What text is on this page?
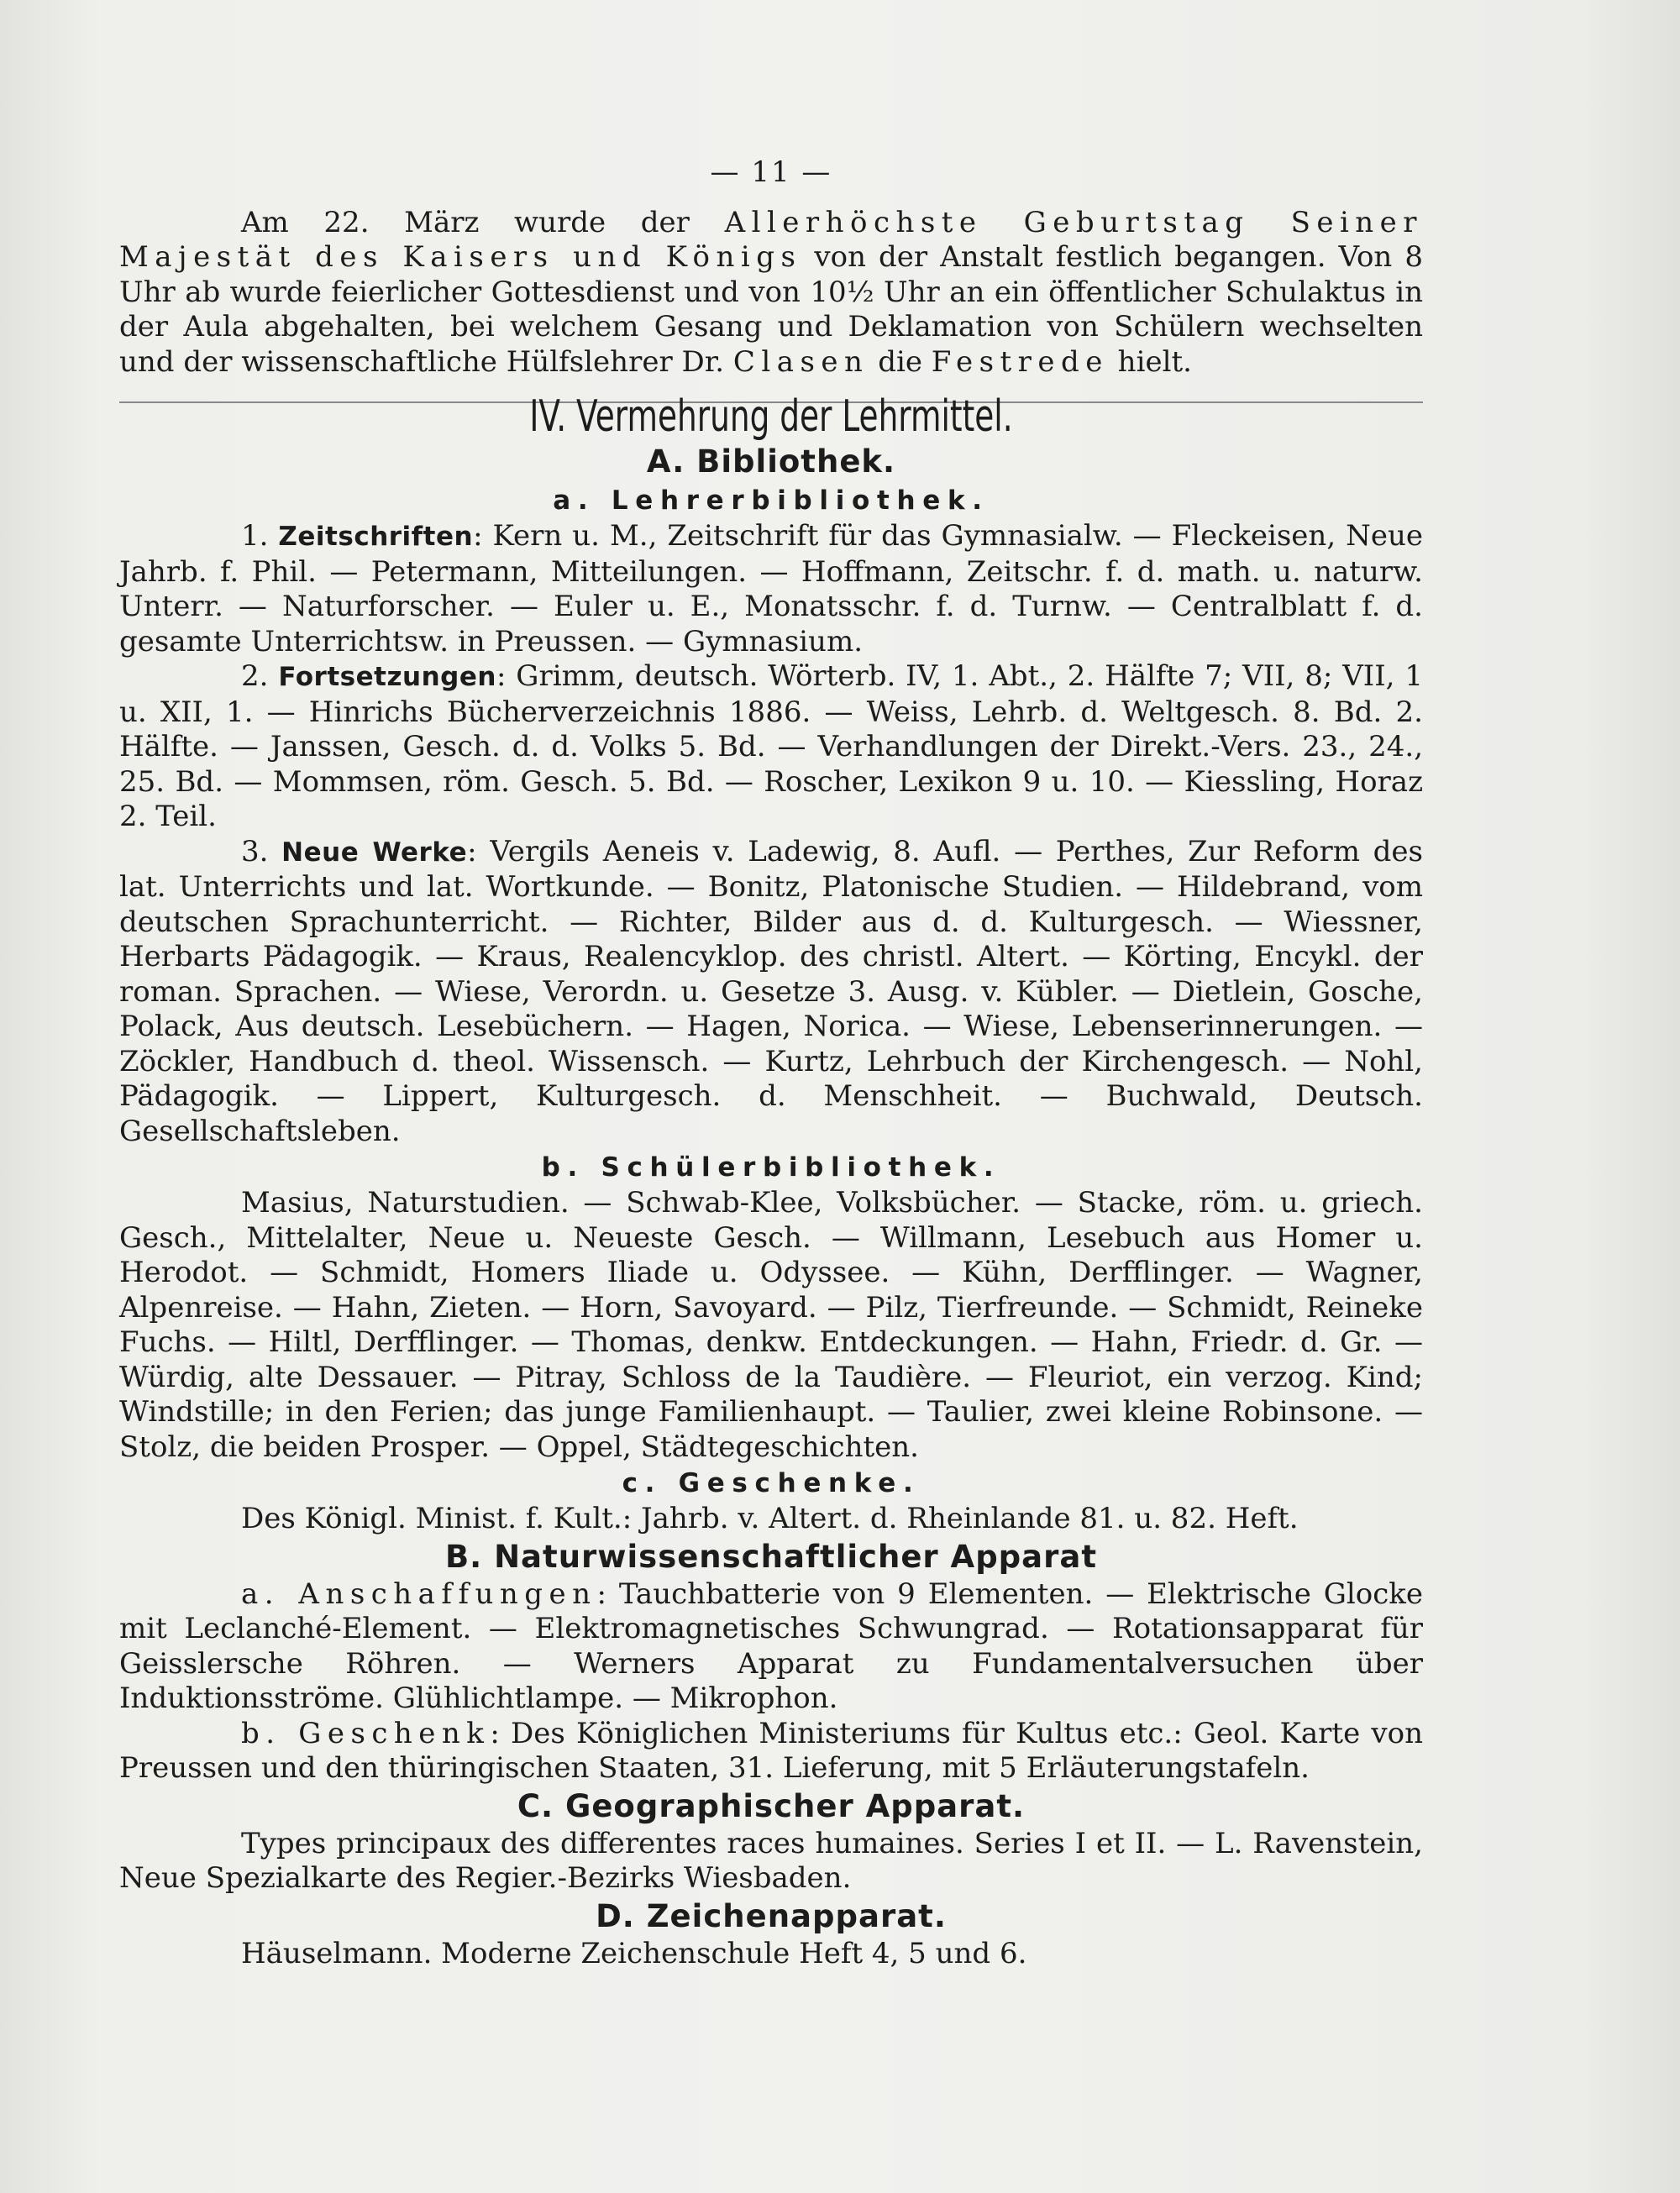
— 11 —

Am 22. März wurde der Allerhöchste Geburtstag Seiner Majestät des Kaisers und Königs von der Anstalt festlich begangen. Von 8 Uhr ab wurde feierlicher Gottesdienst und von 10½ Uhr an ein öffentlicher Schulaktus in der Aula abgehalten, bei welchem Gesang und Deklamation von Schülern wechselten und der wissenschaftliche Hülfslehrer Dr. Clasen die Festrede hielt.

IV. Vermehrung der Lehrmittel.

A. Bibliothek.

a. Lehrerbibliothek.

1. Zeitschriften: Kern u. M., Zeitschrift für das Gymnasialw. — Fleckeisen, Neue Jahrb. f. Phil. — Petermann, Mitteilungen. — Hoffmann, Zeitschr. f. d. math. u. naturw. Unterr. — Naturforscher. — Euler u. E., Monatsschr. f. d. Turnw. — Centralblatt f. d. gesamte Unterrichtsw. in Preussen. — Gymnasium.

2. Fortsetzungen: Grimm, deutsch. Wörterb. IV, 1. Abt., 2. Hälfte 7; VII, 8; VII, 1 u. XII, 1. — Hinrichs Bücherverzeichnis 1886. — Weiss, Lehrb. d. Weltgesch. 8. Bd. 2. Hälfte. — Janssen, Gesch. d. d. Volks 5. Bd. — Verhandlungen der Direkt.-Vers. 23., 24., 25. Bd. — Mommsen, röm. Gesch. 5. Bd. — Roscher, Lexikon 9 u. 10. — Kiessling, Horaz 2. Teil.

3. Neue Werke: Vergils Aeneis v. Ladewig, 8. Aufl. — Perthes, Zur Reform des lat. Unterrichts und lat. Wortkunde. — Bonitz, Platonische Studien. — Hildebrand, vom deutschen Sprachunterricht. — Richter, Bilder aus d. d. Kulturgesch. — Wiessner, Herbarts Pädagogik. — Kraus, Realencyklop. des christl. Altert. — Körting, Encykl. der roman. Sprachen. — Wiese, Verordn. u. Gesetze 3. Ausg. v. Kübler. — Dietlein, Gosche, Polack, Aus deutsch. Lesebüchern. — Hagen, Norica. — Wiese, Lebenserinnerungen. — Zöckler, Handbuch d. theol. Wissensch. — Kurtz, Lehrbuch der Kirchengesch. — Nohl, Pädagogik. — Lippert, Kulturgesch. d. Menschheit. — Buchwald, Deutsch. Gesellschaftsleben.

b. Schülerbibliothek.

Masius, Naturstudien. — Schwab-Klee, Volksbücher. — Stacke, röm. u. griech. Gesch., Mittelalter, Neue u. Neueste Gesch. — Willmann, Lesebuch aus Homer u. Herodot. — Schmidt, Homers Iliade u. Odyssee. — Kühn, Derfflinger. — Wagner, Alpenreise. — Hahn, Zieten. — Horn, Savoyard. — Pilz, Tierfreunde. — Schmidt, Reineke Fuchs. — Hiltl, Derfflinger. — Thomas, denkw. Entdeckungen. — Hahn, Friedr. d. Gr. — Würdig, alte Dessauer. — Pitray, Schloss de la Taudière. — Fleuriot, ein verzog. Kind; Windstille; in den Ferien; das junge Familienhaupt. — Taulier, zwei kleine Robinsone. — Stolz, die beiden Prosper. — Oppel, Städtegeschichten.

c. Geschenke.

Des Königl. Minist. f. Kult.: Jahrb. v. Altert. d. Rheinlande 81. u. 82. Heft.

B. Naturwissenschaftlicher Apparat

a. Anschaffungen: Tauchbatterie von 9 Elementen. — Elektrische Glocke mit Leclanché-Element. — Elektromagnetisches Schwungrad. — Rotationsapparat für Geisslersche Röhren. — Werners Apparat zu Fundamentalversuchen über Induktionsströme. Glühlichtlampe. — Mikrophon.

b. Geschenk: Des Königlichen Ministeriums für Kultus etc.: Geol. Karte von Preussen und den thüringischen Staaten, 31. Lieferung, mit 5 Erläuterungstafeln.

C. Geographischer Apparat.

Types principaux des differentes races humaines. Series I et II. — L. Ravenstein, Neue Spezialkarte des Regier.-Bezirks Wiesbaden.

D. Zeichenapparat.

Häuselmann. Moderne Zeichenschule Heft 4, 5 und 6.
